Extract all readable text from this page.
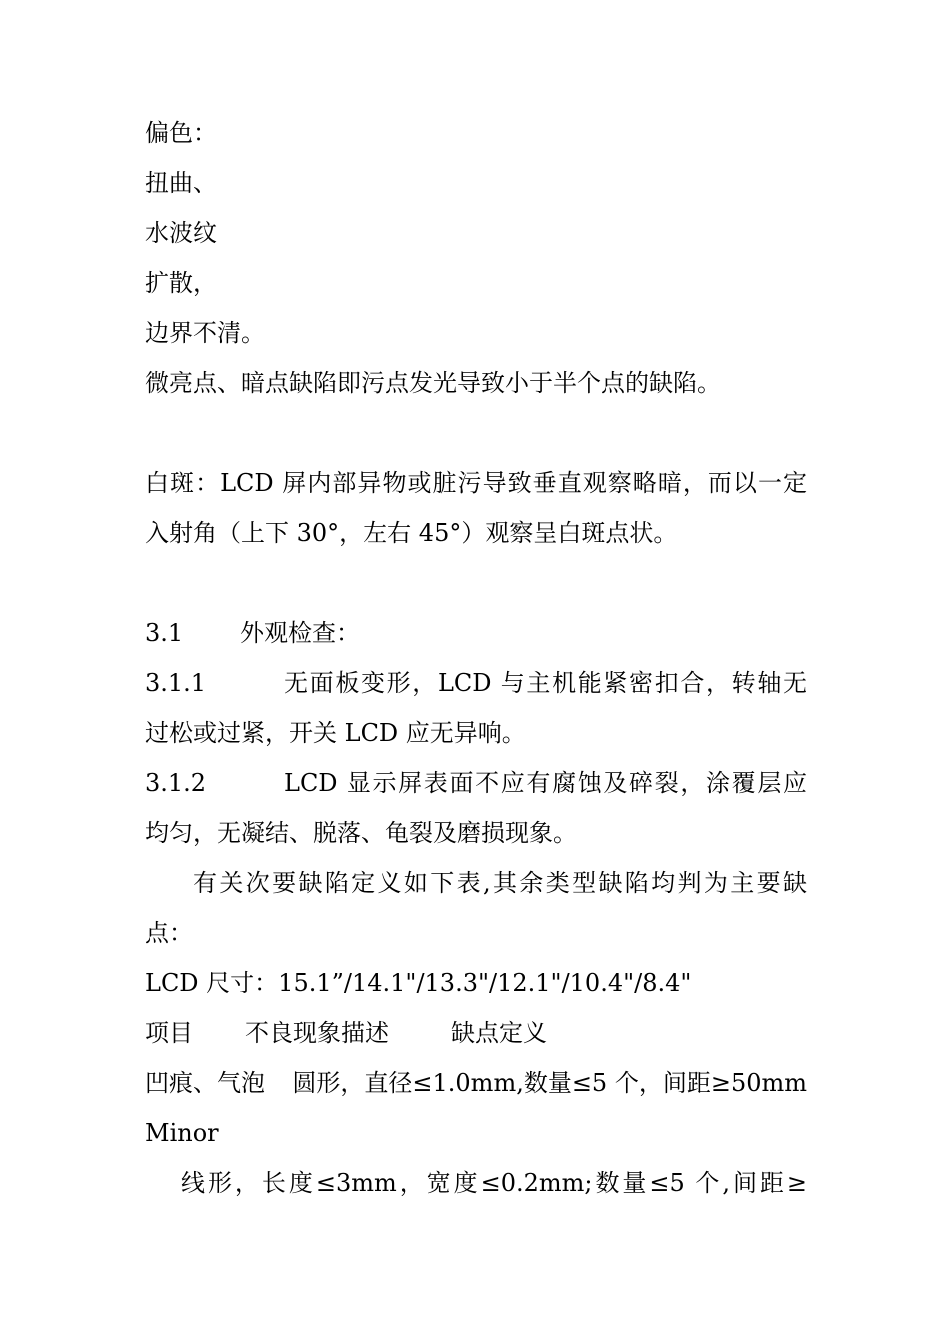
偏色：
扭曲、
水波纹
扩散，
边界不清。
微亮点、暗点缺陷即污点发光导致小于半个点的缺陷。
白斑：LCD 屏内部异物或脏污导致垂直观察略暗，而以一定
入射角（上下 30°，左右 45°）观察呈白斑点状。
3.1 外观检查：
3.1.1	无面板变形，LCD 与主机能紧密扣合，转轴无
过松或过紧，开关 LCD 应无异响。
3.1.2	LCD 显示屏表面不应有腐蚀及碎裂，涂覆层应
均匀，无凝结、脱落、龟裂及磨损现象。
有关次要缺陷定义如下表,其余类型缺陷均判为主要缺
点：
LCD 尺寸：15.1”/14.1"/13.3"/12.1"/10.4"/8.4"
项目 不良现象描述	缺点定义
凹痕、气泡	圆形，直径≤1.0mm,数量≤5 个，间距≥50mm
Minor
线形，长度≤3mm，宽度≤0.2mm;数量≤5 个,间距≥
